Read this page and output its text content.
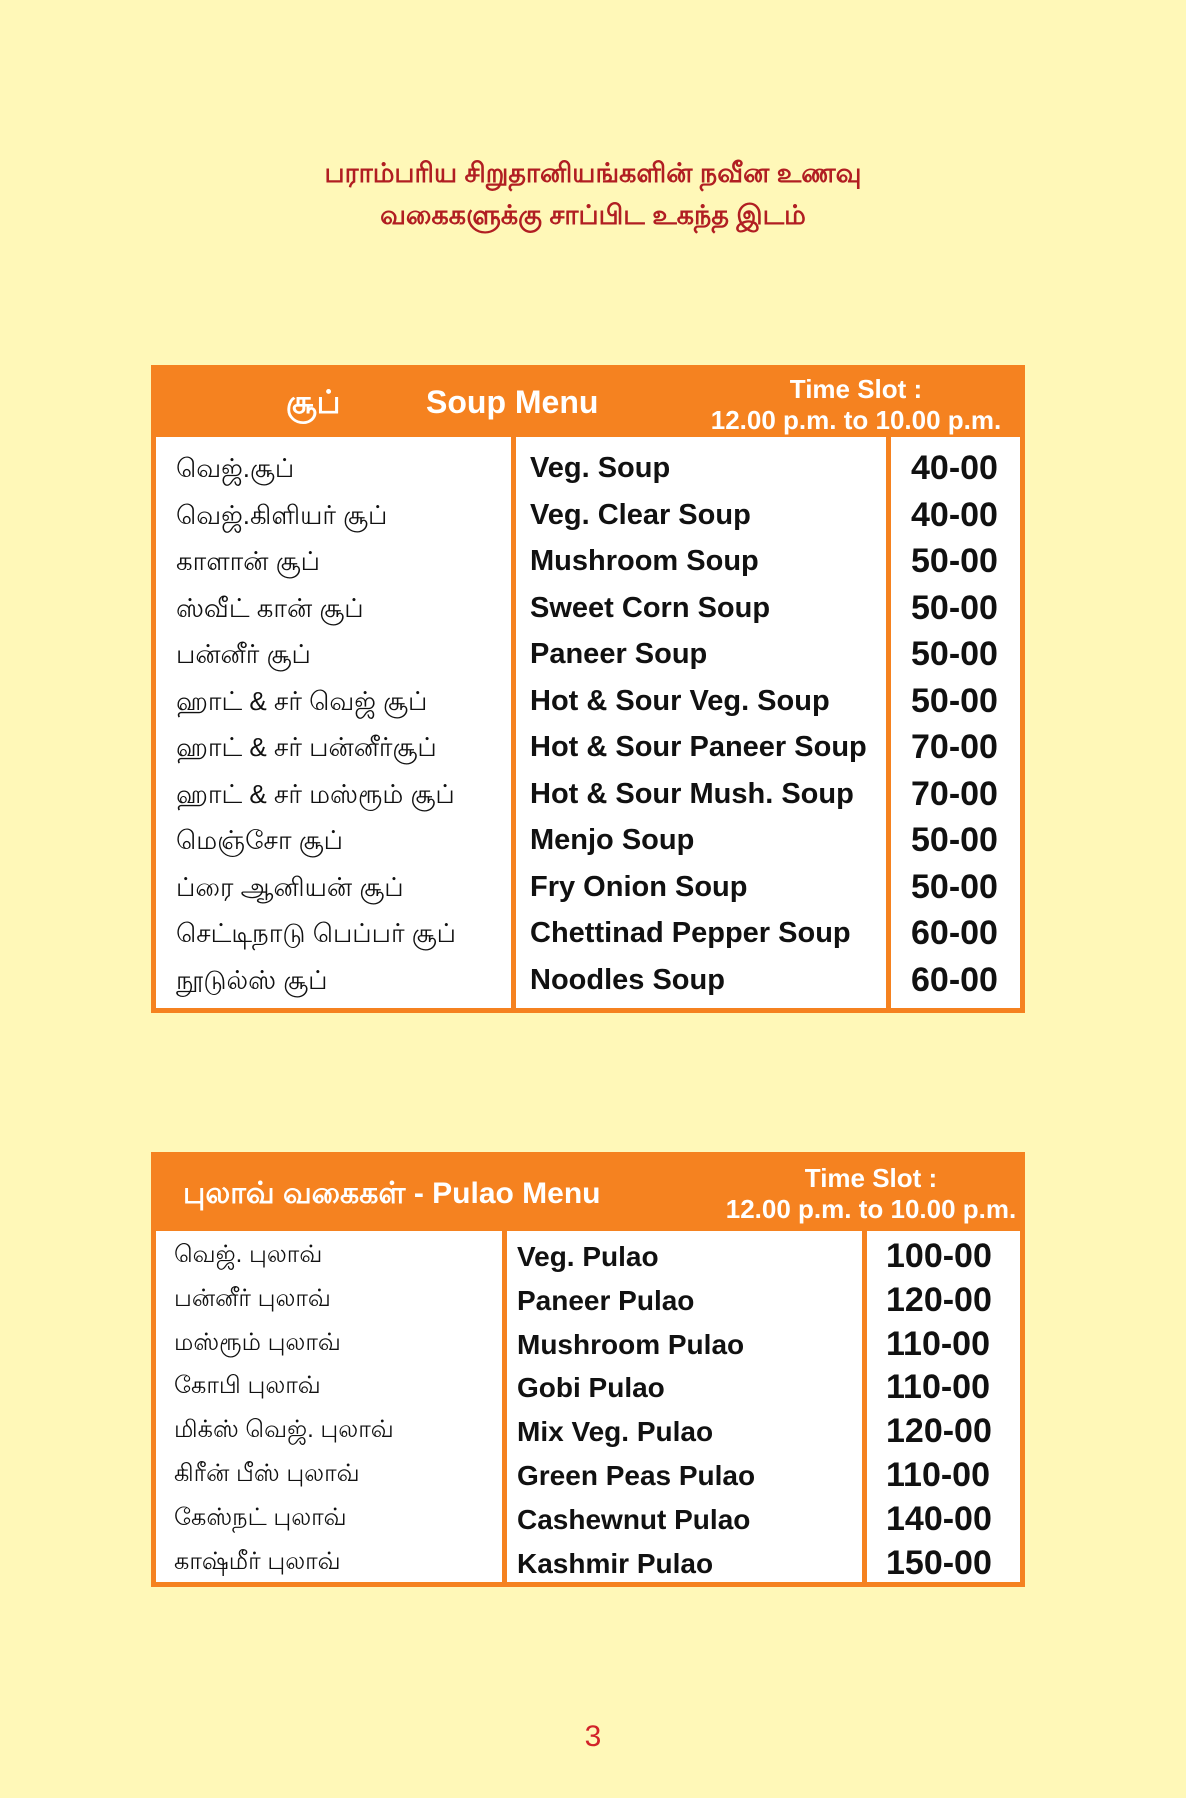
பராம்பரிய சிறுதானியங்களின் நவீன உணவு
வகைகளுக்கு சாப்பிட உகந்த இடம்
சூப்	Soup Menu	Time Slot :
12.00 p.m. to 10.00 p.m.
வெஜ்.சூப்	Veg. Soup	40-00
வெஜ்.கிளியர் சூப்	Veg. Clear Soup	40-00
காளான் சூப்	Mushroom Soup	50-00
ஸ்வீட் கான் சூப்	Sweet Corn Soup	50-00
பன்னீர் சூப்	Paneer Soup	50-00
ஹாட் & சர் வெஜ் சூப்	Hot & Sour Veg. Soup 50-00
ஹாட் & சர் பன்னீர்சூப்	Hot & Sour Paneer Soup 70-00
ஹாட் & சர் மஸ்ரூம் சூப்	Hot & Sour Mush. Soup 70-00
மெஞ்சோ சூப்	Menjo Soup	50-00
ப்ரை ஆனியன் சூப்	Fry Onion Soup	50-00
செட்டிநாடு பெப்பர் சூப்	Chettinad Pepper Soup 60-00
நூடுல்ஸ் சூப்	Noodles Soup	60-00
புலாவ் வகைகள் - Pulao Menu	Time Slot :
12.00 p.m. to 10.00 p.m.
வெஜ். புலாவ்	Veg. Pulao	100-00
பன்னீர் புலாவ்	Paneer Pulao	120-00
மஸ்ரூம் புலாவ்	Mushroom Pulao	110-00
கோபி புலாவ்	Gobi Pulao	110-00
மிக்ஸ் வெஜ். புலாவ்	Mix Veg. Pulao	120-00
கிரீன் பீஸ் புலாவ்	Green Peas Pulao	110-00
கேஸ்நட் புலாவ்	Cashewnut Pulao	140-00
காஷ்மீர் புலாவ்	Kashmir Pulao	150-00
3
